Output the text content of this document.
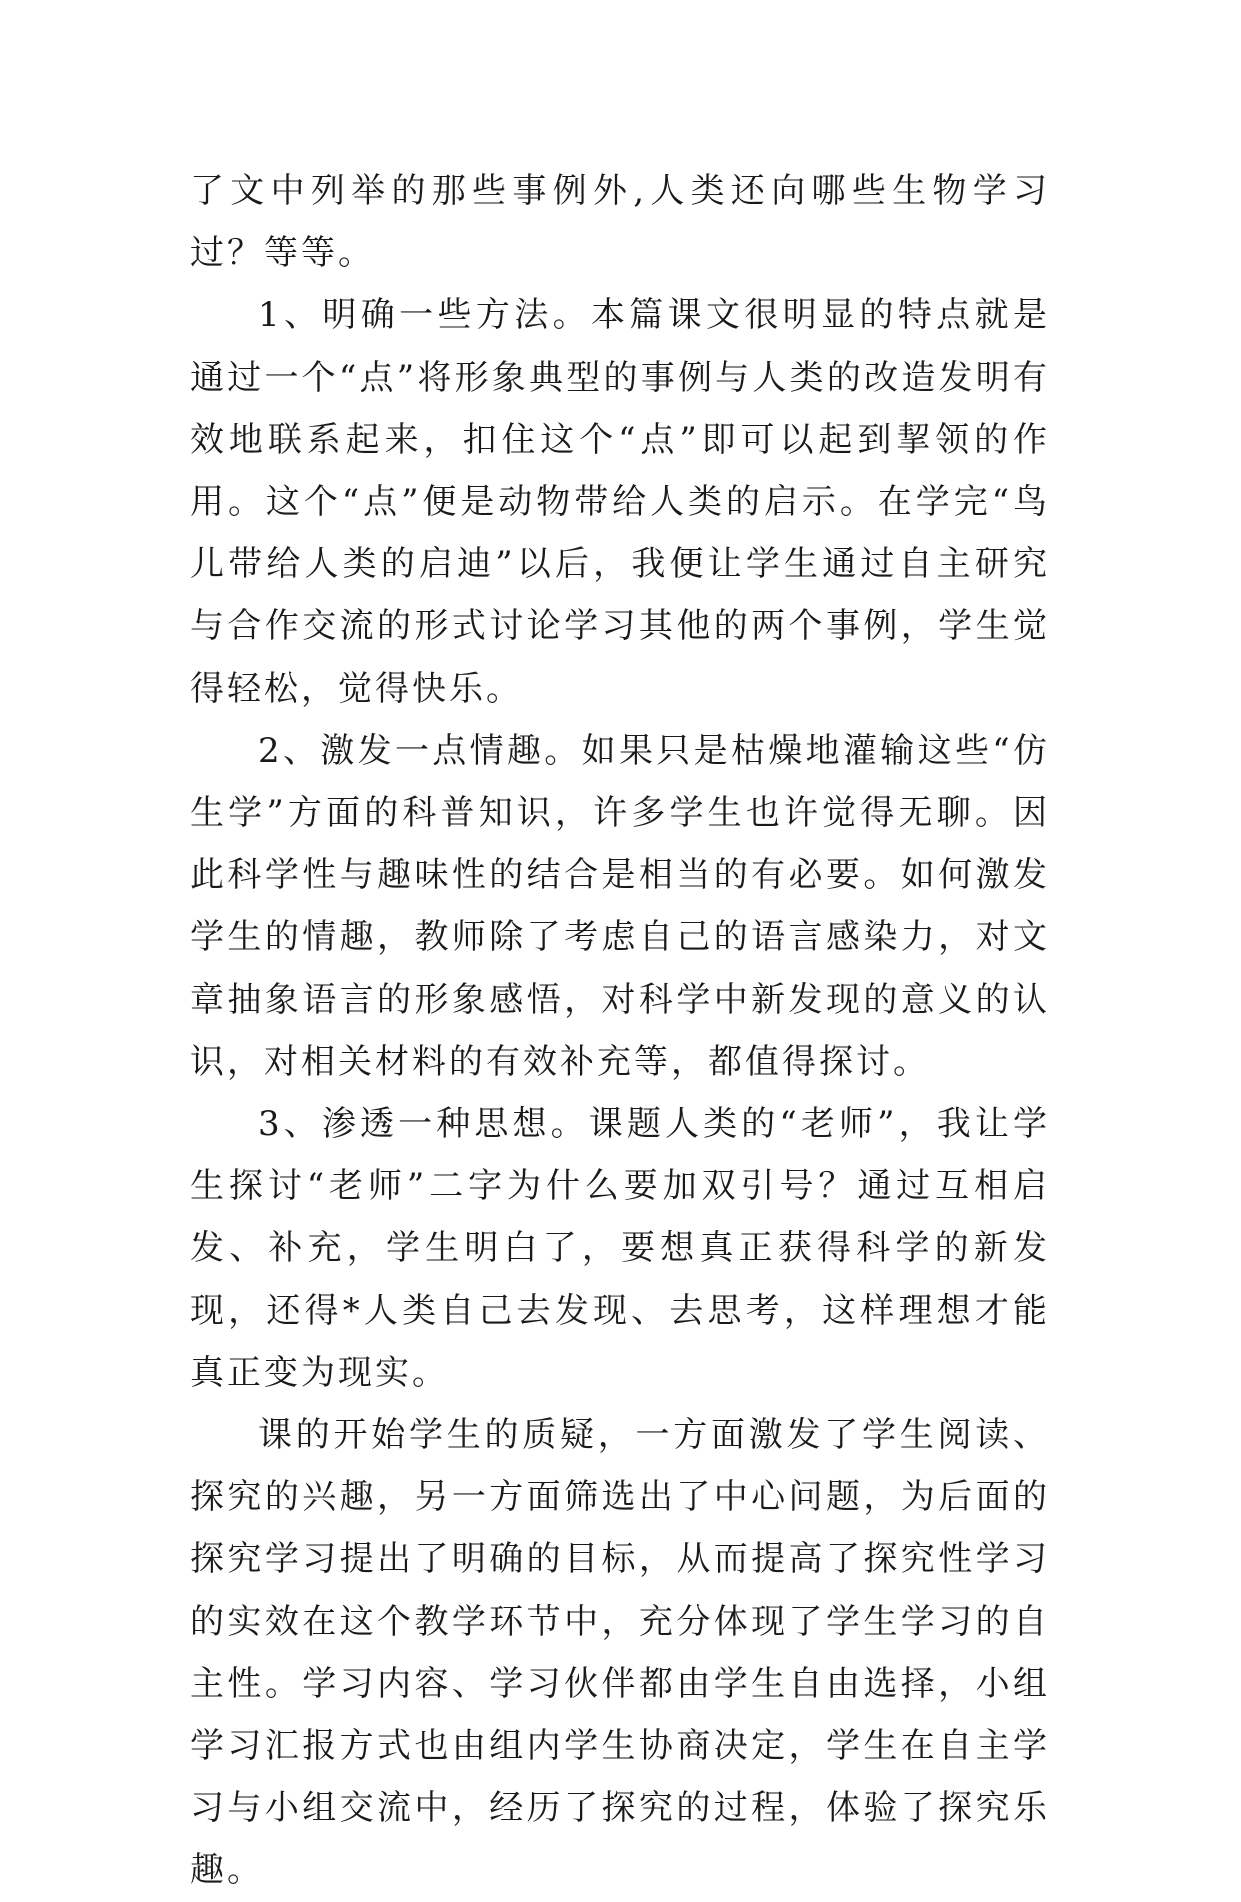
了文中列举的那些事例外,人类还向哪些生物学习过？等等。

1、明确一些方法。本篇课文很明显的特点就是通过一个“点”将形象典型的事例与人类的改造发明有效地联系起来，扣住这个“点”即可以起到挈领的作用。这个“点”便是动物带给人类的启示。在学完“鸟儿带给人类的启迪”以后，我便让学生通过自主研究与合作交流的形式讨论学习其他的两个事例，学生觉得轻松，觉得快乐。

2、激发一点情趣。如果只是枯燥地灌输这些“仿生学”方面的科普知识，许多学生也许觉得无聊。因此科学性与趣味性的结合是相当的有必要。如何激发学生的情趣，教师除了考虑自己的语言感染力，对文章抽象语言的形象感悟，对科学中新发现的意义的认识，对相关材料的有效补充等，都值得探讨。

3、渗透一种思想。课题人类的“老师”，我让学生探讨“老师”二字为什么要加双引号？通过互相启发、补充，学生明白了，要想真正获得科学的新发现，还得*人类自己去发现、去思考，这样理想才能真正变为现实。

课的开始学生的质疑，一方面激发了学生阅读、探究的兴趣，另一方面筛选出了中心问题，为后面的探究学习提出了明确的目标，从而提高了探究性学习的实效在这个教学环节中，充分体现了学生学习的自主性。学习内容、学习伙伴都由学生自由选择，小组学习汇报方式也由组内学生协商决定，学生在自主学习与小组交流中，经历了探究的过程，体验了探究乐趣。
